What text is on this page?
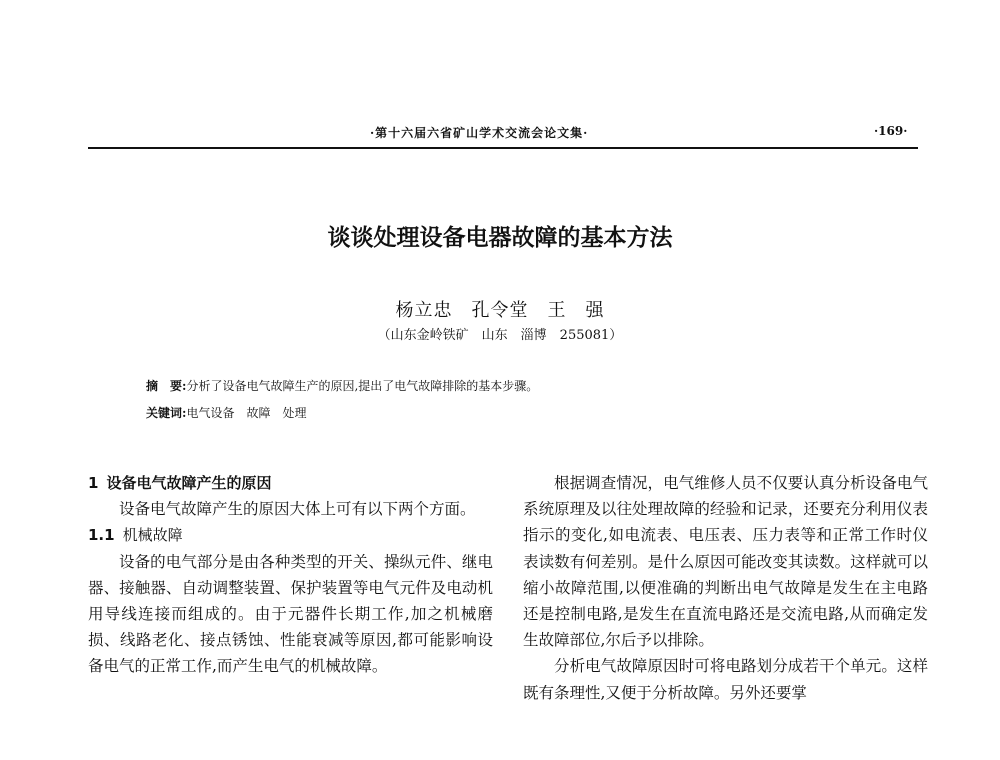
·第十六届六省矿山学术交流会论文集·	·169·
谈谈处理设备电器故障的基本方法
杨立忠　孔令堂　王　强
（山东金岭铁矿　山东　淄博　255081）
摘　要:分析了设备电气故障生产的原因,提出了电气故障排除的基本步骤。
关键词:电气设备　故障　处理

1 设备电气故障产生的原因

设备电气故障产生的原因大体上可有以下两个方面。

1.1 机械故障

设备的电气部分是由各种类型的开关、操纵元件、继电器、接触器、自动调整装置、保护装置等电气元件及电动机用导线连接而组成的。由于元器件长期工作,加之机械磨损、线路老化、接点锈蚀、性能衰减等原因,都可能影响设备电气的正常工作,而产生电气的机械故障。

根据调查情况，电气维修人员不仅要认真分析设备电气系统原理及以往处理故障的经验和记录，还要充分利用仪表指示的变化,如电流表、电压表、压力表等和正常工作时仪表读数有何差别。是什么原因可能改变其读数。这样就可以缩小故障范围,以便准确的判断出电气故障是发生在主电路还是控制电路,是发生在直流电路还是交流电路,从而确定发生故障部位,尔后予以排除。

分析电气故障原因时可将电路划分成若干个单元。这样既有条理性,又便于分析故障。另外还要掌
